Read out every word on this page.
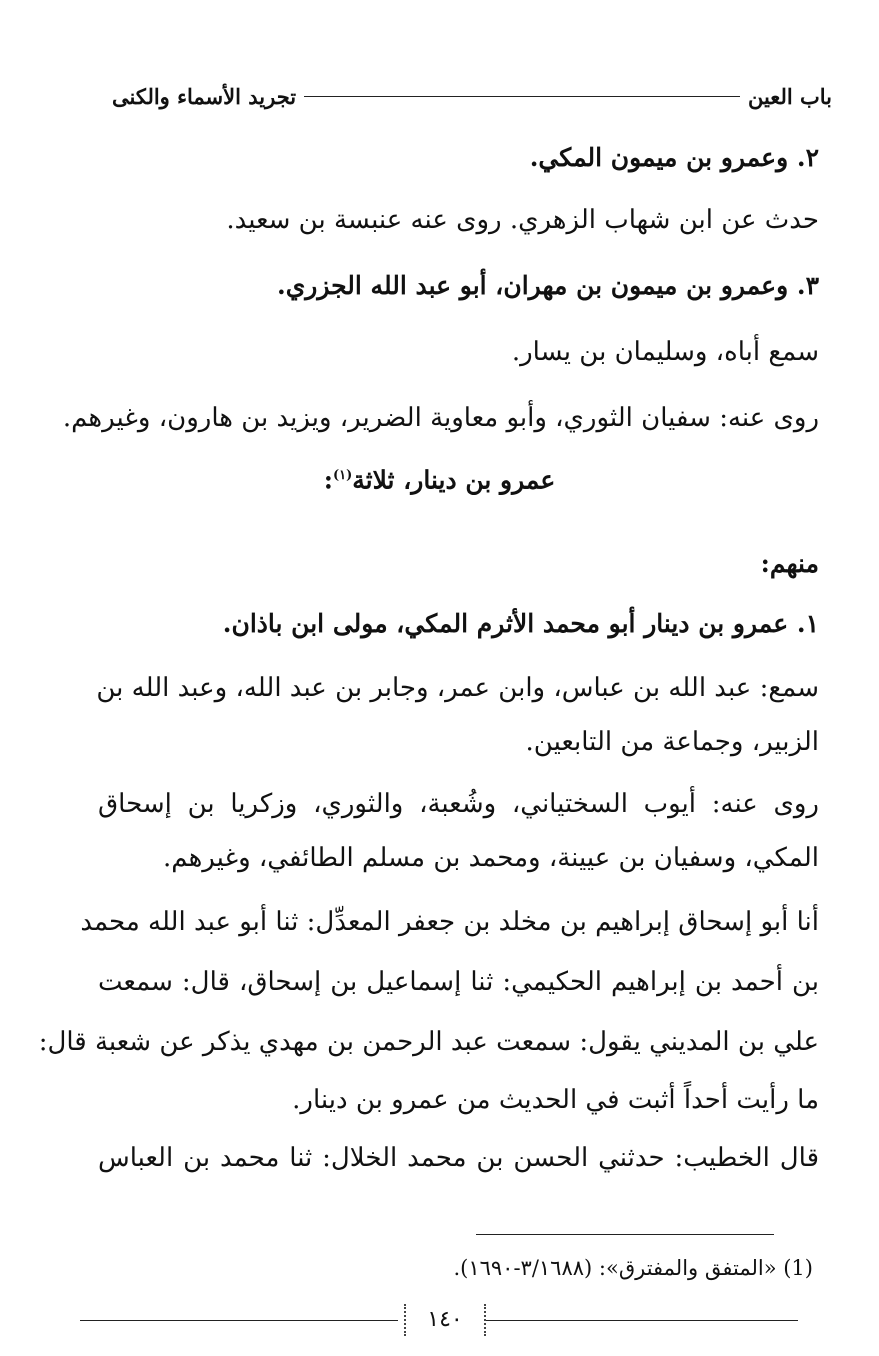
تجريد الأسماء والكنى	باب العين
٢. وعمرو بن ميمون المكي.
حدث عن ابن شهاب الزهري. روى عنه عنبسة بن سعيد.
٣. وعمرو بن ميمون بن مهران، أبو عبد الله الجزري.
سمع أباه، وسليمان بن يسار.
روى عنه: سفيان الثوري، وأبو معاوية الضرير، ويزيد بن هارون، وغيرهم.
عمرو بن دينار، ثلاثة$^{(١)}$:
منهم:
١. عمرو بن دينار أبو محمد الأثرم المكي، مولى ابن باذان.
سمع: عبد الله بن عباس، وابن عمر، وجابر بن عبد الله، وعبد الله بن
الزبير، وجماعة من التابعين.
روى عنه: أيوب السختياني، وشُعبة، والثوري، وزكريا بن إسحاق
المكي، وسفيان بن عيينة، ومحمد بن مسلم الطائفي، وغيرهم.
أنا أبو إسحاق إبراهيم بن مخلد بن جعفر المعدِّل: ثنا أبو عبد الله محمد
بن أحمد بن إبراهيم الحكيمي: ثنا إسماعيل بن إسحاق، قال: سمعت
علي بن المديني يقول: سمعت عبد الرحمن بن مهدي يذكر عن شعبة قال:
ما رأيت أحداً أثبت في الحديث من عمرو بن دينار.
قال الخطيب: حدثني الحسن بن محمد الخلال: ثنا محمد بن العباس
(1) «المتفق والمفترق»: (٣/١٦٨٨-١٦٩٠).
١٤٠
